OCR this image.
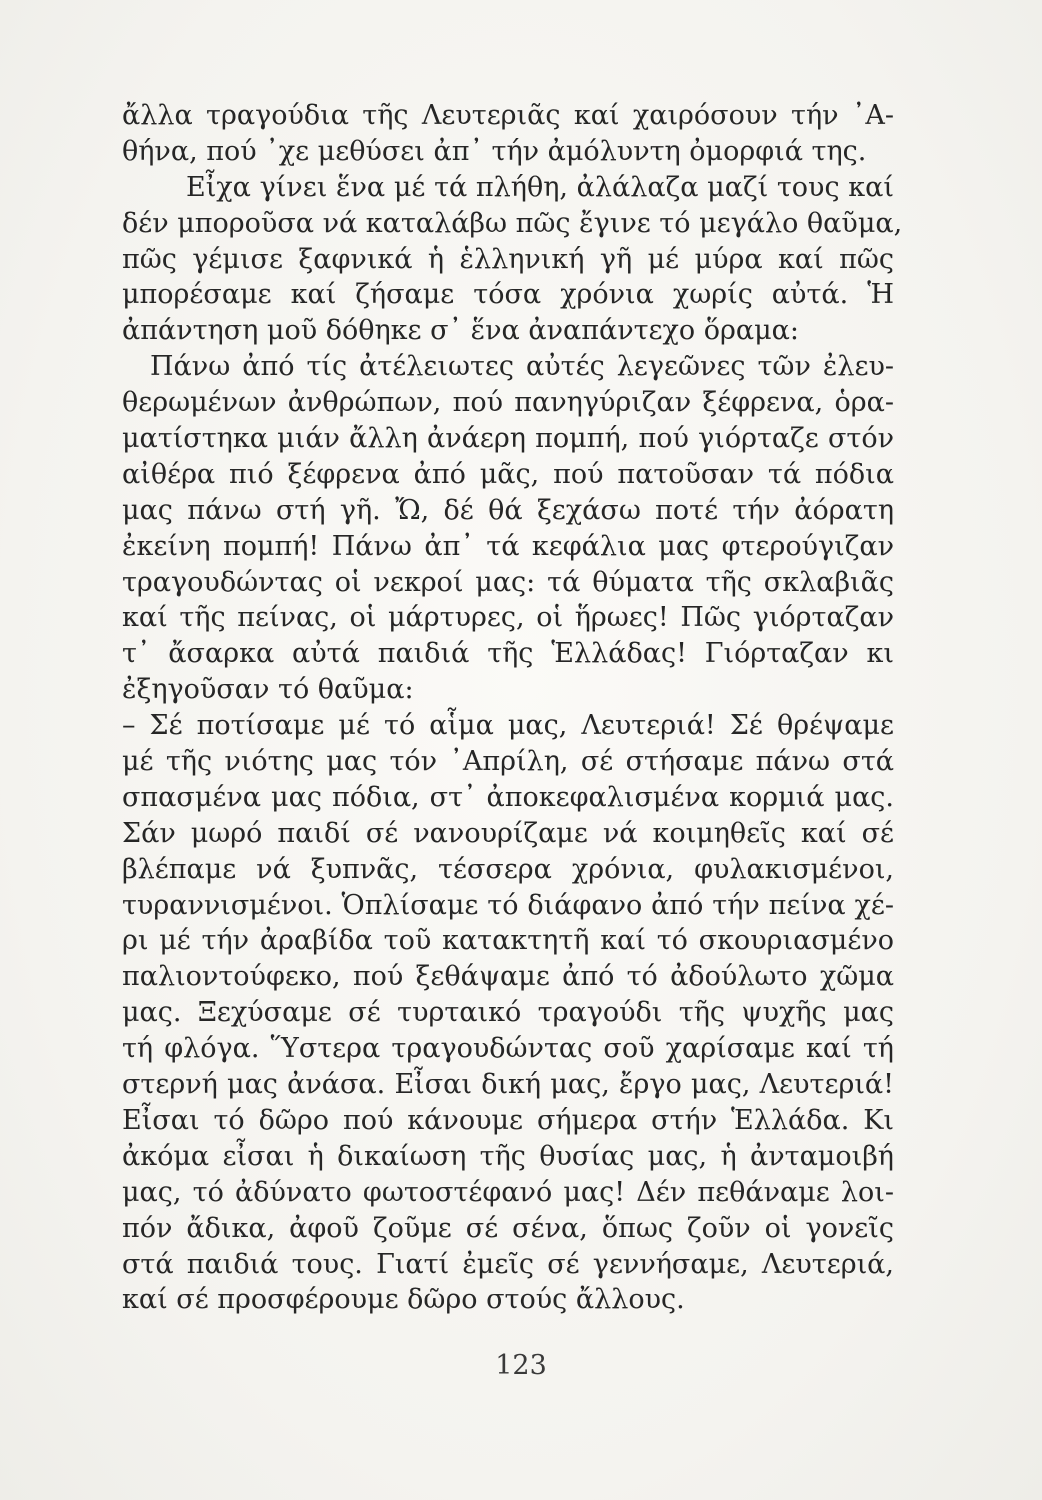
ἄλλα τραγούδια τῆς Λευτεριᾶς καί χαιρόσουν τήν ᾿Α-
θήνα, πού ᾽χε μεθύσει ἀπ᾽ τήν ἀμόλυντη ὀμορφιά της.
Εἶχα γίνει ἕνα μέ τά πλήθη, ἀλάλαζα μαζί τους καί
δέν μποροῦσα νά καταλάβω πῶς ἔγινε τό μεγάλο θαῦμα,
πῶς γέμισε ξαφνικά ἡ ἑλληνική γῆ μέ μύρα καί πῶς
μπορέσαμε καί ζήσαμε τόσα χρόνια χωρίς αὐτά. Ἡ
ἀπάντηση μοῦ δόθηκε σ᾽ ἕνα ἀναπάντεχο ὅραμα:
Πάνω ἀπό τίς ἀτέλειωτες αὐτές λεγεῶνες τῶν ἐλευ-
θερωμένων ἀνθρώπων, πού πανηγύριζαν ξέφρενα, ὁρα-
ματίστηκα μιάν ἄλλη ἀνάερη πομπή, πού γιόρταζε στόν
αἰθέρα πιό ξέφρενα ἀπό μᾶς, πού πατοῦσαν τά πόδια
μας πάνω στή γῆ. Ὤ, δέ θά ξεχάσω ποτέ τήν ἀόρατη
ἐκείνη πομπή! Πάνω ἀπ᾽ τά κεφάλια μας φτερούγιζαν
τραγουδώντας οἱ νεκροί μας: τά θύματα τῆς σκλαβιᾶς
καί τῆς πείνας, οἱ μάρτυρες, οἱ ἥρωες! Πῶς γιόρταζαν
τ᾽ ἄσαρκα αὐτά παιδιά τῆς Ἑλλάδας! Γιόρταζαν κι
ἐξηγοῦσαν τό θαῦμα:
– Σέ ποτίσαμε μέ τό αἷμα μας, Λευτεριά! Σέ θρέψαμε
μέ τῆς νιότης μας τόν ᾿Απρίλη, σέ στήσαμε πάνω στά
σπασμένα μας πόδια, στ᾽ ἀποκεφαλισμένα κορμιά μας.
Σάν μωρό παιδί σέ νανουρίζαμε νά κοιμηθεῖς καί σέ
βλέπαμε νά ξυπνᾶς, τέσσερα χρόνια, φυλακισμένοι,
τυραννισμένοι. Ὁπλίσαμε τό διάφανο ἀπό τήν πείνα χέ-
ρι μέ τήν ἀραβίδα τοῦ κατακτητῆ καί τό σκουριασμένο
παλιοντούφεκο, πού ξεθάψαμε ἀπό τό ἀδούλωτο χῶμα
μας. Ξεχύσαμε σέ τυρταικό τραγούδι τῆς ψυχῆς μας
τή φλόγα. Ὕστερα τραγουδώντας σοῦ χαρίσαμε καί τή
στερνή μας ἀνάσα. Εἶσαι δική μας, ἔργο μας, Λευτεριά!
Εἶσαι τό δῶρο πού κάνουμε σήμερα στήν Ἑλλάδα. Κι
ἀκόμα εἶσαι ἡ δικαίωση τῆς θυσίας μας, ἡ ἀνταμοιβή
μας, τό ἀδύνατο φωτοστέφανό μας! Δέν πεθάναμε λοι-
πόν ἄδικα, ἀφοῦ ζοῦμε σέ σένα, ὅπως ζοῦν οἱ γονεῖς
στά παιδιά τους. Γιατί ἐμεῖς σέ γεννήσαμε, Λευτεριά,
καί σέ προσφέρουμε δῶρο στούς ἄλλους.
123
